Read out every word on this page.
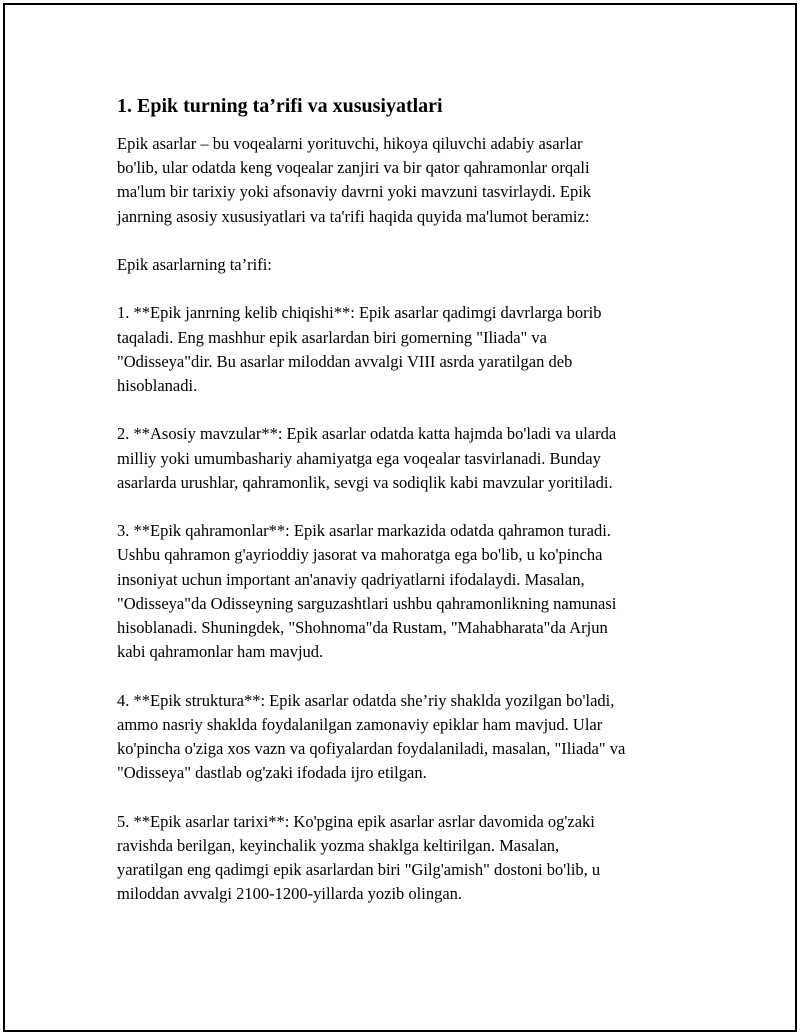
1. Epik turning ta’rifi va xususiyatlari

Epik asarlar – bu voqealarni yorituvchi, hikoya qiluvchi adabiy asarlar
bo'lib, ular odatda keng voqealar zanjiri va bir qator qahramonlar orqali
ma'lum bir tarixiy yoki afsonaviy davrni yoki mavzuni tasvirlaydi. Epik
janrning asosiy xususiyatlari va ta'rifi haqida quyida ma'lumot beramiz:

Epik asarlarning ta’rifi:

1. **Epik janrning kelib chiqishi**: Epik asarlar qadimgi davrlarga borib
taqaladi. Eng mashhur epik asarlardan biri gomerning "Iliada" va
"Odisseya"dir. Bu asarlar miloddan avvalgi VIII asrda yaratilgan deb
hisoblanadi.

2. **Asosiy mavzular**: Epik asarlar odatda katta hajmda bo'ladi va ularda
milliy yoki umumbashariy ahamiyatga ega voqealar tasvirlanadi. Bunday
asarlarda urushlar, qahramonlik, sevgi va sodiqlik kabi mavzular yoritiladi.

3. **Epik qahramonlar**: Epik asarlar markazida odatda qahramon turadi.
Ushbu qahramon g'ayrioddiy jasorat va mahoratga ega bo'lib, u ko'pincha
insoniyat uchun important an'anaviy qadriyatlarni ifodalaydi. Masalan,
"Odisseya"da Odisseyning sarguzashtlari ushbu qahramonlikning namunasi
hisoblanadi. Shuningdek, "Shohnoma"da Rustam, "Mahabharata"da Arjun
kabi qahramonlar ham mavjud.

4. **Epik struktura**: Epik asarlar odatda she’riy shaklda yozilgan bo'ladi,
ammo nasriy shaklda foydalanilgan zamonaviy epiklar ham mavjud. Ular
ko'pincha o'ziga xos vazn va qofiyalardan foydalaniladi, masalan, "Iliada" va
"Odisseya" dastlab og'zaki ifodada ijro etilgan.

5. **Epik asarlar tarixi**: Ko'pgina epik asarlar asrlar davomida og'zaki
ravishda berilgan, keyinchalik yozma shaklga keltirilgan. Masalan,
yaratilgan eng qadimgi epik asarlardan biri "Gilg'amish" dostoni bo'lib, u
miloddan avvalgi 2100-1200-yillarda yozib olingan.
